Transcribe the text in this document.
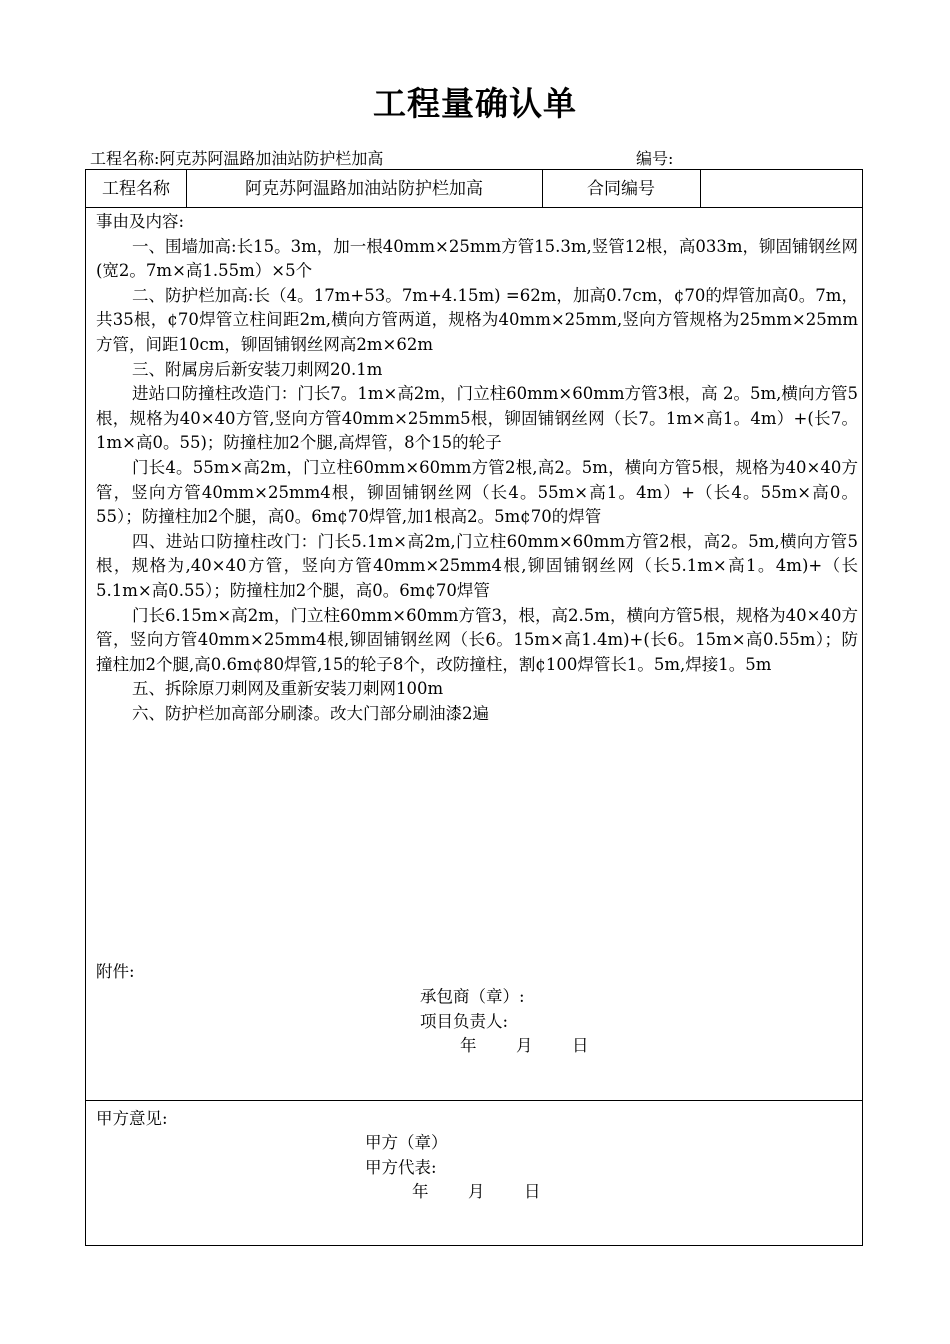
工程量确认单
工程名称:阿克苏阿温路加油站防护栏加高	编号:
工程名称	阿克苏阿温路加油站防护栏加高	合同编号

事由及内容:

一、围墙加高:长15。3m，加一根40mm×25mm方管15.3m,竖管12根，高033m，铆固铺钢丝网(宽2。7m×高1.55m）×5个

二、防护栏加高:长（4。17m+53。7m+4.15m) =62m，加高0.7cm，¢70的焊管加高0。7m，共35根，¢70焊管立柱间距2m,横向方管两道，规格为40mm×25mm,竖向方管规格为25mm×25mm方管，间距10cm，铆固铺钢丝网高2m×62m

三、附属房后新安装刀刺网20.1m

进站口防撞柱改造门：门长7。1m×高2m，门立柱60mm×60mm方管3根，高 2。5m,横向方管5根，规格为40×40方管,竖向方管40mm×25mm5根，铆固铺钢丝网（长7。1m×高1。4m）+(长7。1m×高0。55)；防撞柱加2个腿,高焊管，8个15的轮子

门长4。55m×高2m，门立柱60mm×60mm方管2根,高2。5m，横向方管5根，规格为40×40方管，竖向方管40mm×25mm4根，铆固铺钢丝网（长4。55m×高1。4m）+（长4。55m×高0。55）；防撞柱加2个腿，高0。6m¢70焊管,加1根高2。5m¢70的焊管

四、进站口防撞柱改门：门长5.1m×高2m,门立柱60mm×60mm方管2根，高2。5m,横向方管5根，规格为,40×40方管，竖向方管40mm×25mm4根,铆固铺钢丝网（长5.1m×高1。4m)+（长5.1m×高0.55）；防撞柱加2个腿，高0。6m¢70焊管

门长6.15m×高2m，门立柱60mm×60mm方管3，根，高2.5m，横向方管5根，规格为40×40方管，竖向方管40mm×25mm4根,铆固铺钢丝网（长6。15m×高1.4m)+(长6。15m×高0.55m）；防撞柱加2个腿,高0.6m¢80焊管,15的轮子8个，改防撞柱，割¢100焊管长1。5m,焊接1。5m

五、拆除原刀刺网及重新安装刀刺网100m

六、防护栏加高部分刷漆。改大门部分刷油漆2遍

附件:
承包商（章）:
项目负责人:
年 月 日
甲方意见:
甲方（章）
甲方代表:
年 月 日
